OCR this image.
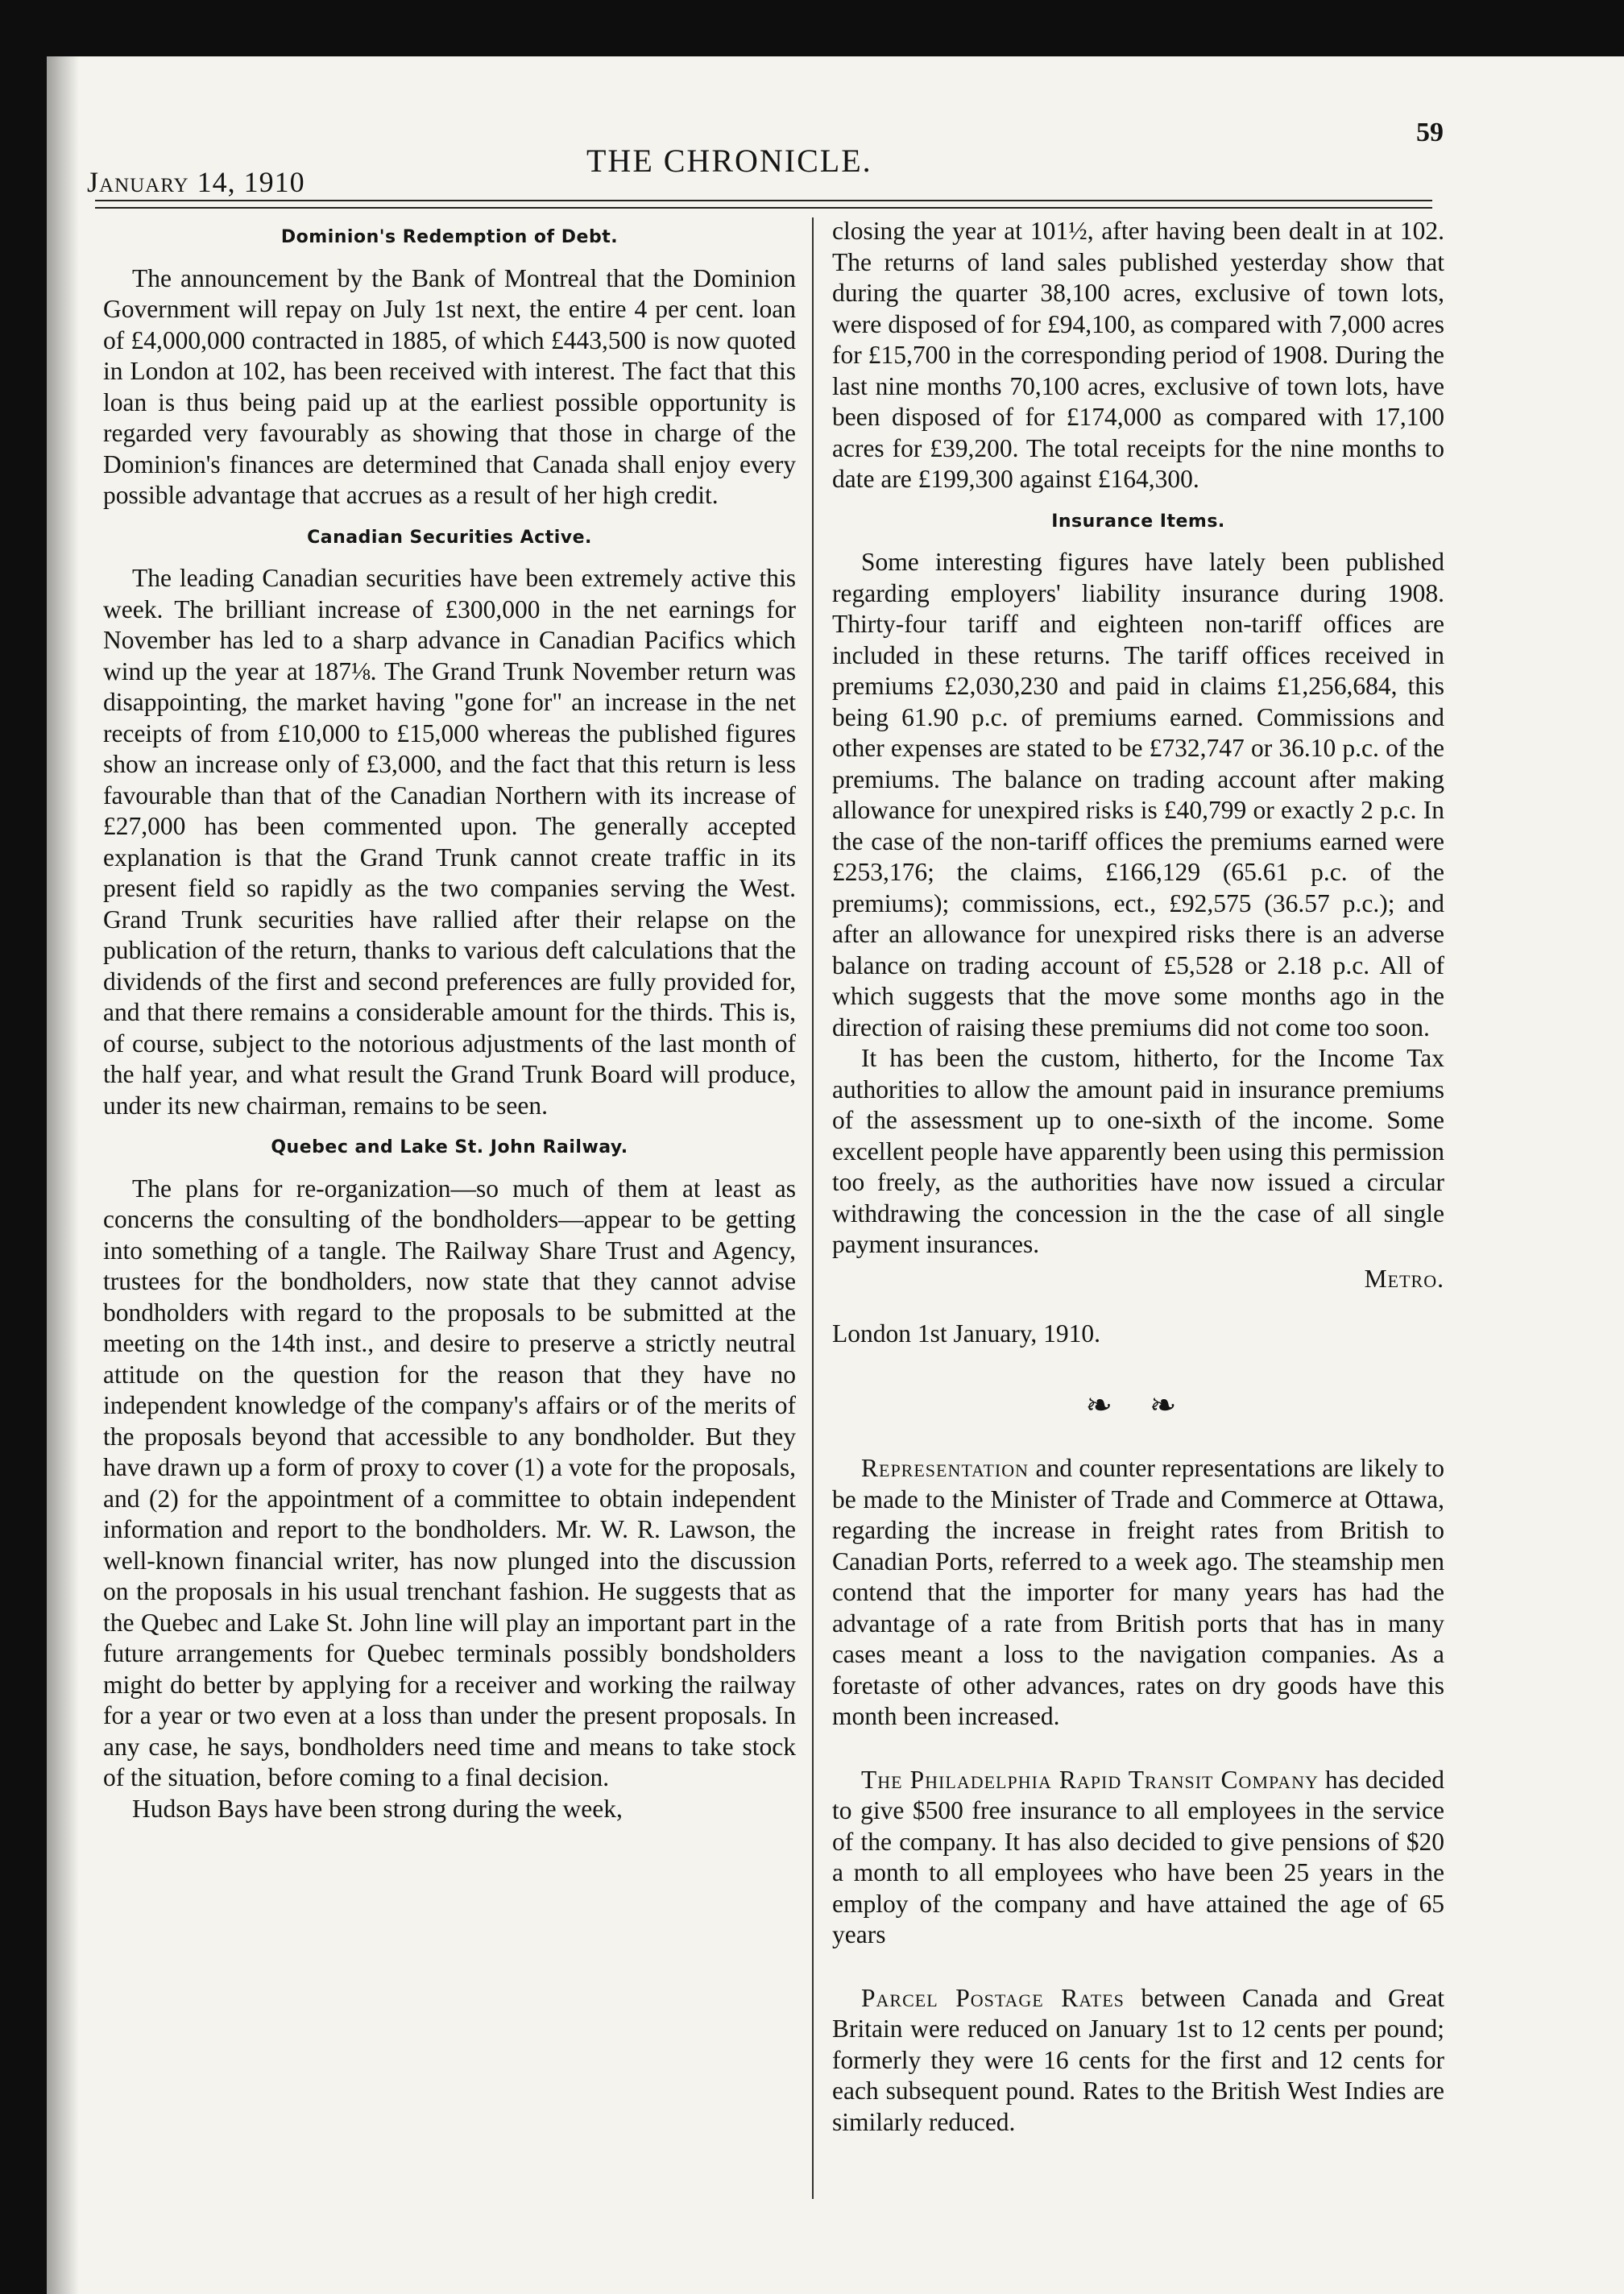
January 14, 1910
THE CHRONICLE.
59
Dominion's Redemption of Debt.

The announcement by the Bank of Montreal that the Dominion Government will repay on July 1st next, the entire 4 per cent. loan of £4,000,000 contracted in 1885, of which £443,500 is now quoted in London at 102, has been received with interest. The fact that this loan is thus being paid up at the earliest possible opportunity is regarded very favourably as showing that those in charge of the Dominion's finances are determined that Canada shall enjoy every possible advantage that accrues as a result of her high credit.

Canadian Securities Active.

The leading Canadian securities have been extremely active this week. The brilliant increase of £300,000 in the net earnings for November has led to a sharp advance in Canadian Pacifics which wind up the year at 187⅛. The Grand Trunk November return was disappointing, the market having "gone for" an increase in the net receipts of from £10,000 to £15,000 whereas the published figures show an increase only of £3,000, and the fact that this return is less favourable than that of the Canadian Northern with its increase of £27,000 has been commented upon. The generally accepted explanation is that the Grand Trunk cannot create traffic in its present field so rapidly as the two companies serving the West. Grand Trunk securities have rallied after their relapse on the publication of the return, thanks to various deft calculations that the dividends of the first and second preferences are fully provided for, and that there remains a considerable amount for the thirds. This is, of course, subject to the notorious adjustments of the last month of the half year, and what result the Grand Trunk Board will produce, under its new chairman, remains to be seen.

Quebec and Lake St. John Railway.

The plans for re-organization—so much of them at least as concerns the consulting of the bondholders—appear to be getting into something of a tangle. The Railway Share Trust and Agency, trustees for the bondholders, now state that they cannot advise bondholders with regard to the proposals to be submitted at the meeting on the 14th inst., and desire to preserve a strictly neutral attitude on the question for the reason that they have no independent knowledge of the company's affairs or of the merits of the proposals beyond that accessible to any bondholder. But they have drawn up a form of proxy to cover (1) a vote for the proposals, and (2) for the appointment of a committee to obtain independent information and report to the bondholders. Mr. W. R. Lawson, the well-known financial writer, has now plunged into the discussion on the proposals in his usual trenchant fashion. He suggests that as the Quebec and Lake St. John line will play an important part in the future arrangements for Quebec terminals possibly bondsholders might do better by applying for a receiver and working the railway for a year or two even at a loss than under the present proposals. In any case, he says, bondholders need time and means to take stock of the situation, before coming to a final decision.

Hudson Bays have been strong during the week,

closing the year at 101½, after having been dealt in at 102. The returns of land sales published yesterday show that during the quarter 38,100 acres, exclusive of town lots, were disposed of for £94,100, as compared with 7,000 acres for £15,700 in the corresponding period of 1908. During the last nine months 70,100 acres, exclusive of town lots, have been disposed of for £174,000 as compared with 17,100 acres for £39,200. The total receipts for the nine months to date are £199,300 against £164,300.

Insurance Items.

Some interesting figures have lately been published regarding employers' liability insurance during 1908. Thirty-four tariff and eighteen non-tariff offices are included in these returns. The tariff offices received in premiums £2,030,230 and paid in claims £1,256,684, this being 61.90 p.c. of premiums earned. Commissions and other expenses are stated to be £732,747 or 36.10 p.c. of the premiums. The balance on trading account after making allowance for unexpired risks is £40,799 or exactly 2 p.c. In the case of the non-tariff offices the premiums earned were £253,176; the claims, £166,129 (65.61 p.c. of the premiums); commissions, ect., £92,575 (36.57 p.c.); and after an allowance for unexpired risks there is an adverse balance on trading account of £5,528 or 2.18 p.c. All of which suggests that the move some months ago in the direction of raising these premiums did not come too soon.

It has been the custom, hitherto, for the Income Tax authorities to allow the amount paid in insurance premiums of the assessment up to one-sixth of the income. Some excellent people have apparently been using this permission too freely, as the authorities have now issued a circular withdrawing the concession in the the case of all single payment insurances.

Metro.

London 1st January, 1910.

❧ ❧

Representation and counter representations are likely to be made to the Minister of Trade and Commerce at Ottawa, regarding the increase in freight rates from British to Canadian Ports, referred to a week ago. The steamship men contend that the importer for many years has had the advantage of a rate from British ports that has in many cases meant a loss to the navigation companies. As a foretaste of other advances, rates on dry goods have this month been increased.

The Philadelphia Rapid Transit Company has decided to give $500 free insurance to all employees in the service of the company. It has also decided to give pensions of $20 a month to all employees who have been 25 years in the employ of the company and have attained the age of 65 years

Parcel Postage Rates between Canada and Great Britain were reduced on January 1st to 12 cents per pound; formerly they were 16 cents for the first and 12 cents for each subsequent pound. Rates to the British West Indies are similarly reduced.
